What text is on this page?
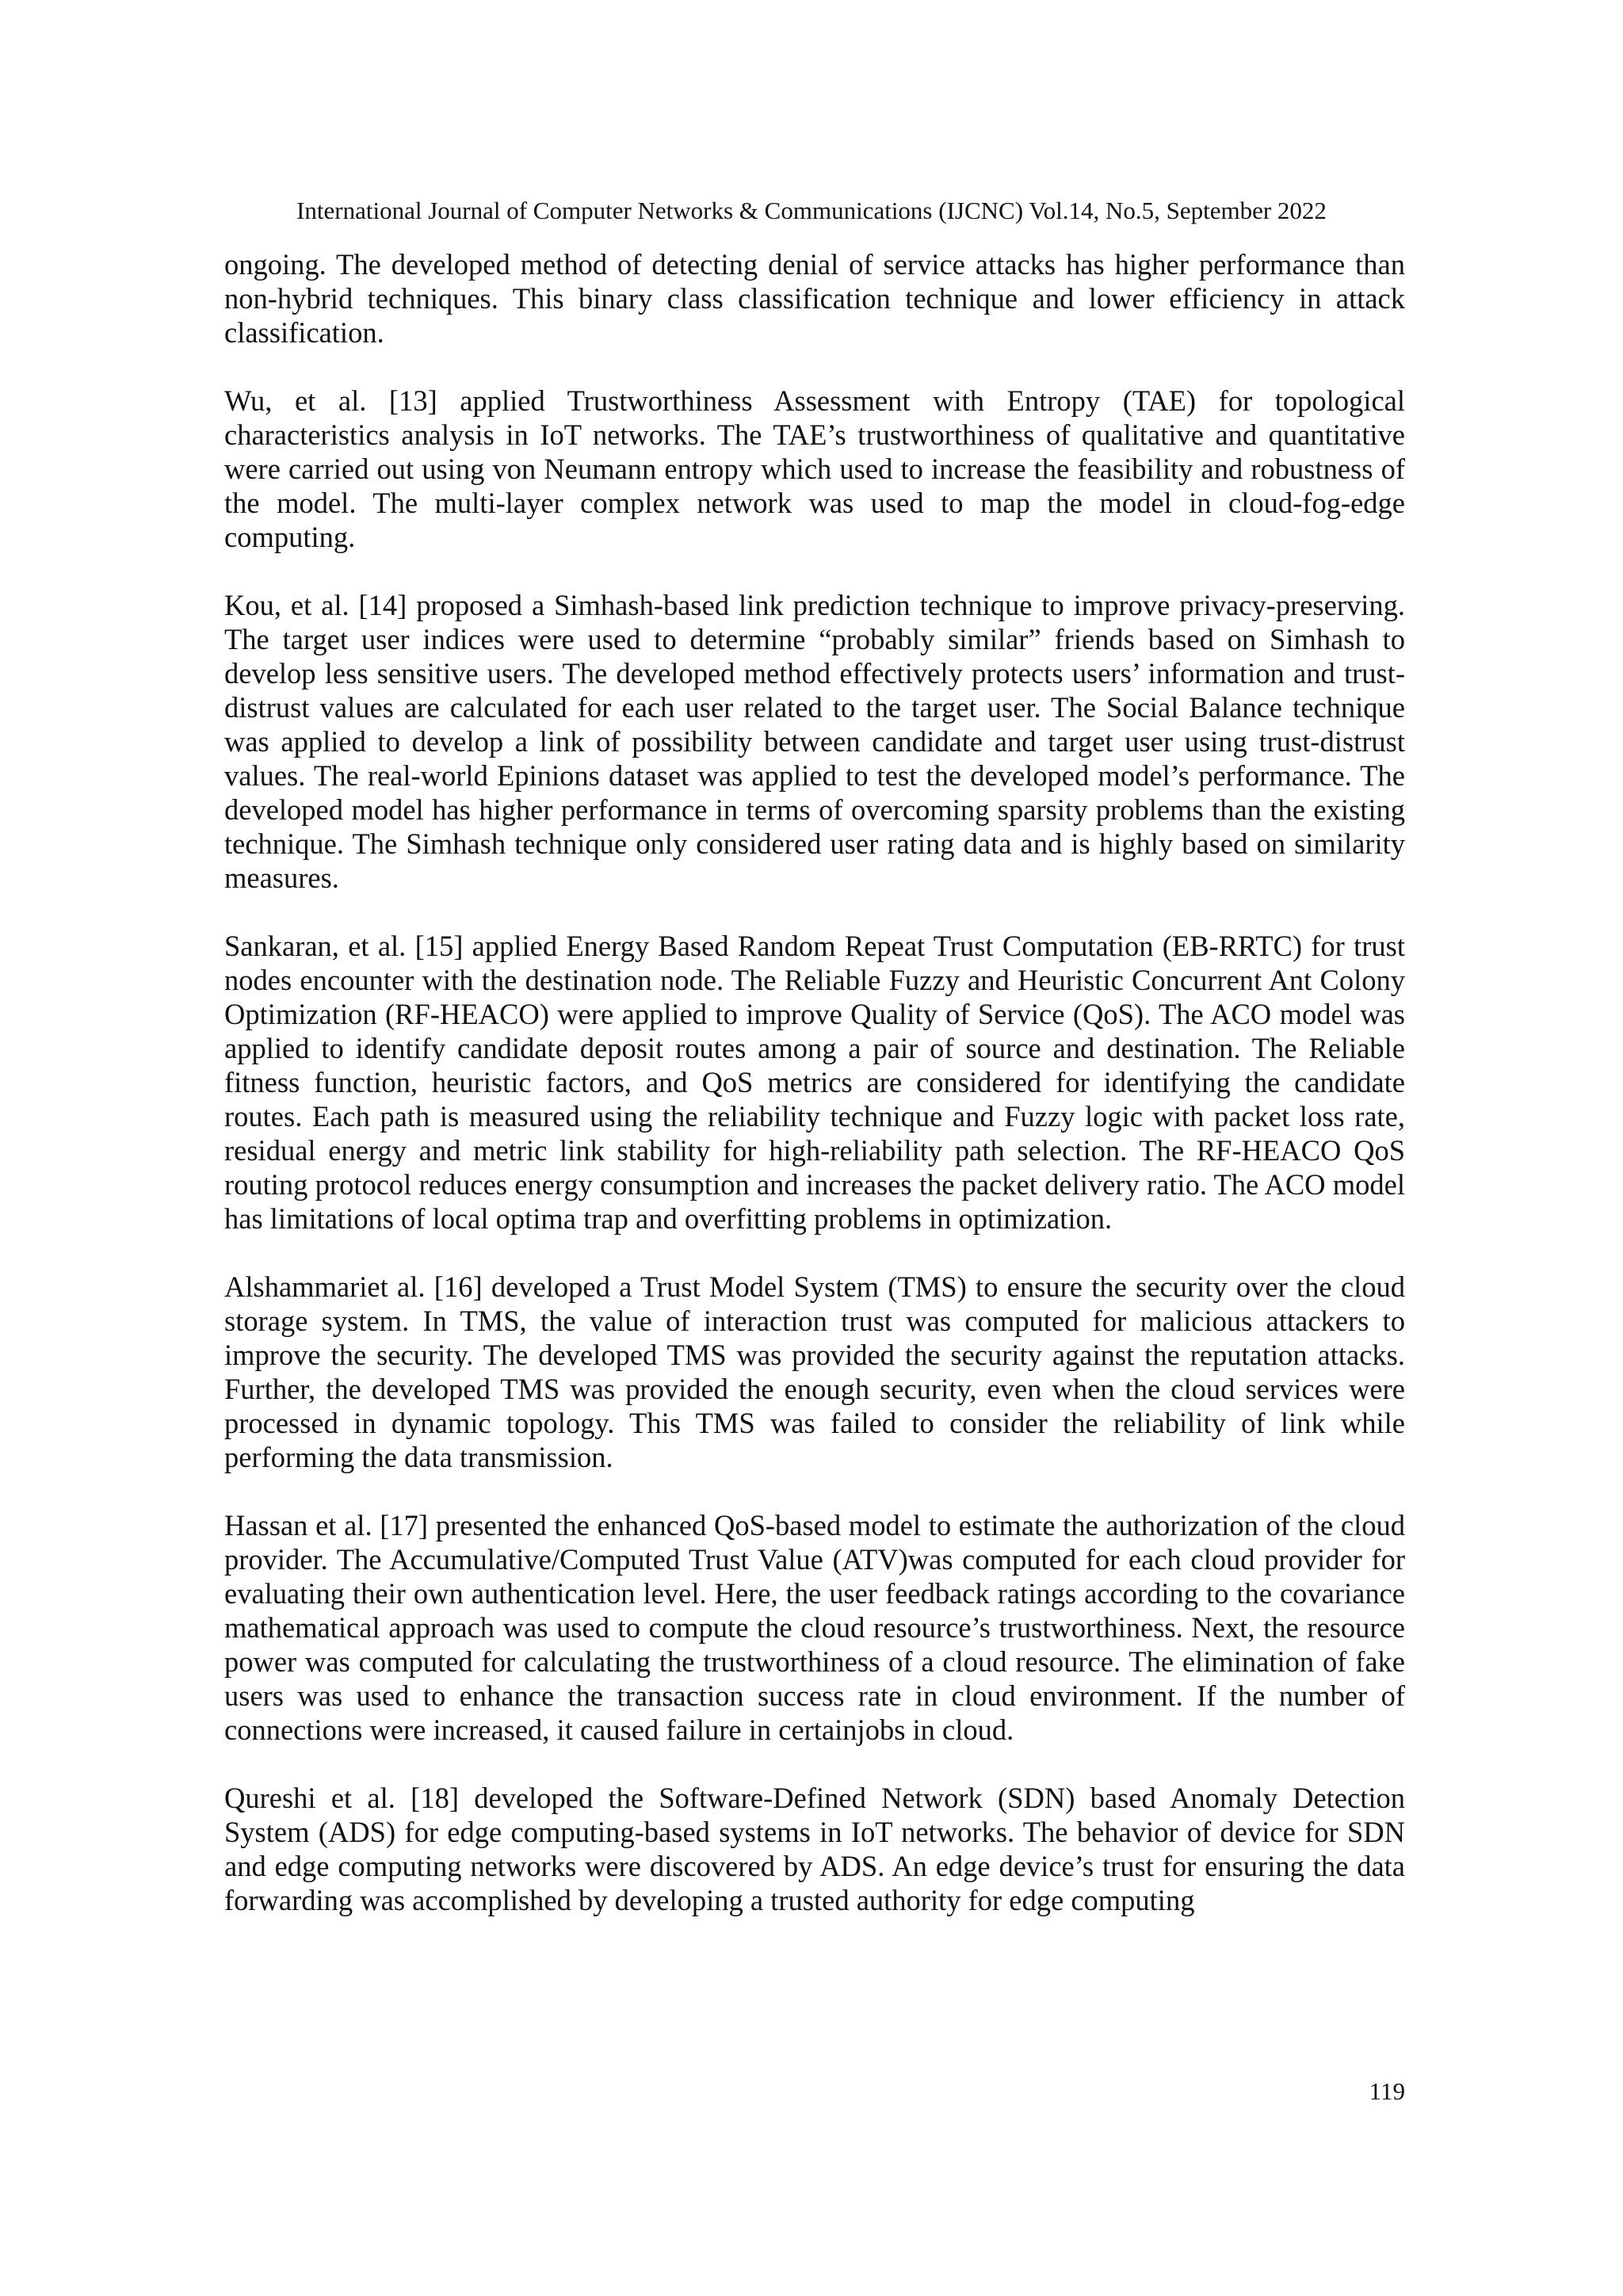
International Journal of Computer Networks & Communications (IJCNC) Vol.14, No.5, September 2022

ongoing. The developed method of detecting denial of service attacks has higher performance than non-hybrid techniques. This binary class classification technique and lower efficiency in attack classification.

Wu, et al. [13] applied Trustworthiness Assessment with Entropy (TAE) for topological characteristics analysis in IoT networks. The TAE’s trustworthiness of qualitative and quantitative were carried out using von Neumann entropy which used to increase the feasibility and robustness of the model. The multi-layer complex network was used to map the model in cloud-fog-edge computing.

Kou, et al. [14] proposed a Simhash-based link prediction technique to improve privacy-preserving. The target user indices were used to determine “probably similar” friends based on Simhash to develop less sensitive users. The developed method effectively protects users’ information and trust-distrust values are calculated for each user related to the target user. The Social Balance technique was applied to develop a link of possibility between candidate and target user using trust-distrust values. The real-world Epinions dataset was applied to test the developed model’s performance. The developed model has higher performance in terms of overcoming sparsity problems than the existing technique. The Simhash technique only considered user rating data and is highly based on similarity measures.

Sankaran, et al. [15] applied Energy Based Random Repeat Trust Computation (EB-RRTC) for trust nodes encounter with the destination node. The Reliable Fuzzy and Heuristic Concurrent Ant Colony Optimization (RF-HEACO) were applied to improve Quality of Service (QoS). The ACO model was applied to identify candidate deposit routes among a pair of source and destination. The Reliable fitness function, heuristic factors, and QoS metrics are considered for identifying the candidate routes. Each path is measured using the reliability technique and Fuzzy logic with packet loss rate, residual energy and metric link stability for high-reliability path selection. The RF-HEACO QoS routing protocol reduces energy consumption and increases the packet delivery ratio. The ACO model has limitations of local optima trap and overfitting problems in optimization.

Alshammariet al. [16] developed a Trust Model System (TMS) to ensure the security over the cloud storage system. In TMS, the value of interaction trust was computed for malicious attackers to improve the security. The developed TMS was provided the security against the reputation attacks. Further, the developed TMS was provided the enough security, even when the cloud services were processed in dynamic topology. This TMS was failed to consider the reliability of link while performing the data transmission.

Hassan et al. [17] presented the enhanced QoS-based model to estimate the authorization of the cloud provider. The Accumulative/Computed Trust Value (ATV)was computed for each cloud provider for evaluating their own authentication level. Here, the user feedback ratings according to the covariance mathematical approach was used to compute the cloud resource’s trustworthiness. Next, the resource power was computed for calculating the trustworthiness of a cloud resource. The elimination of fake users was used to enhance the transaction success rate in cloud environment. If the number of connections were increased, it caused failure in certainjobs in cloud.

Qureshi et al. [18] developed the Software-Defined Network (SDN) based Anomaly Detection System (ADS) for edge computing-based systems in IoT networks. The behavior of device for SDN and edge computing networks were discovered by ADS. An edge device’s trust for ensuring the data forwarding was accomplished by developing a trusted authority for edge computing

119
